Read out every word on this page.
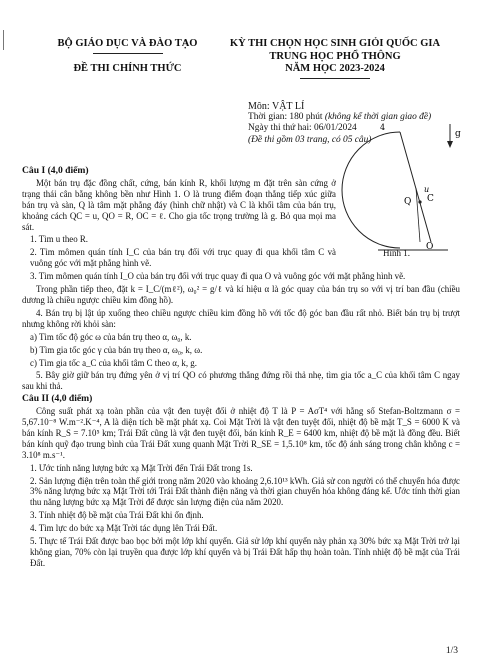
BỘ GIÁO DỤC VÀ ĐÀO TẠO
ĐỀ THI CHÍNH THỨC
KỲ THI CHỌN HỌC SINH GIỎI QUỐC GIA
TRUNG HỌC PHỔ THÔNG
NĂM HỌC 2023-2024
Môn: VẬT LÍ
Thời gian: 180 phút (không kể thời gian giao đề)
Ngày thi thứ hai: 06/01/2024
(Đề thi gồm 03 trang, có 05 câu)
g
4
u
C
Q
O
Hình 1.
Câu I (4,0 điểm)

Một bán trụ đặc đồng chất, cứng, bán kính R, khối lượng m đặt trên sàn cứng ở trạng thái cân bằng không bền như Hình 1. O là trung điểm đoạn thẳng tiếp xúc giữa bán trụ và sàn, Q là tâm mặt phẳng đáy (hình chữ nhật) và C là khối tâm của bán trụ, khoảng cách QC = u, QO = R, OC = ℓ. Cho gia tốc trọng trường là g. Bỏ qua mọi ma sát.

1. Tìm u theo R.

2. Tìm mômen quán tính I_C của bán trụ đối với trục quay đi qua khối tâm C và vuông góc với mặt phẳng hình vẽ.

3. Tìm mômen quán tính I_O của bán trụ đối với trục quay đi qua O và vuông góc với mặt phẳng hình vẽ.

Trong phần tiếp theo, đặt k = I_C/(mℓ²), ω₀² = g/ℓ và kí hiệu α là góc quay của bán trụ so với vị trí ban đầu (chiều dương là chiều ngược chiều kim đồng hồ).

4. Bán trụ bị lật úp xuống theo chiều ngược chiều kim đồng hồ với tốc độ góc ban đầu rất nhỏ. Biết bán trụ bị trượt nhưng không rời khỏi sàn:

a) Tìm tốc độ góc ω của bán trụ theo α, ω₀, k.

b) Tìm gia tốc góc γ của bán trụ theo α, ω₀, k, ω.

c) Tìm gia tốc a_C của khối tâm C theo α, k, g.

5. Bây giờ giữ bán trụ đứng yên ở vị trí QO có phương thẳng đứng rồi thả nhẹ, tìm gia tốc a_C của khối tâm C ngay sau khi thả.

Câu II (4,0 điểm)

Công suất phát xạ toàn phần của vật đen tuyệt đối ở nhiệt độ T là P = AσT⁴ với hằng số Stefan-Boltzmann σ = 5,67.10⁻⁸ W.m⁻².K⁻⁴, A là diện tích bề mặt phát xạ. Coi Mặt Trời là vật đen tuyệt đối, nhiệt độ bề mặt T_S = 6000 K và bán kính R_S = 7.10⁵ km; Trái Đất cũng là vật đen tuyệt đối, bán kính R_E = 6400 km, nhiệt độ bề mặt là đồng đều. Biết bán kính quỹ đạo trung bình của Trái Đất xung quanh Mặt Trời R_SE = 1,5.10⁸ km, tốc độ ánh sáng trong chân không c = 3.10⁸ m.s⁻¹.

1. Ước tính năng lượng bức xạ Mặt Trời đến Trái Đất trong 1s.

2. Sản lượng điện trên toàn thế giới trong năm 2020 vào khoảng 2,6.10¹³ kWh. Giả sử con người có thể chuyển hóa được 3% năng lượng bức xạ Mặt Trời tới Trái Đất thành điện năng và thời gian chuyển hóa không đáng kể. Ước tính thời gian thu năng lượng bức xạ Mặt Trời để được sản lượng điện của năm 2020.

3. Tính nhiệt độ bề mặt của Trái Đất khi ổn định.

4. Tìm lực do bức xạ Mặt Trời tác dụng lên Trái Đất.

5. Thực tế Trái Đất được bao bọc bởi một lớp khí quyển. Giả sử lớp khí quyển này phản xạ 30% bức xạ Mặt Trời trở lại không gian, 70% còn lại truyền qua được lớp khí quyển và bị Trái Đất hấp thụ hoàn toàn. Tính nhiệt độ bề mặt của Trái Đất.

1/3
